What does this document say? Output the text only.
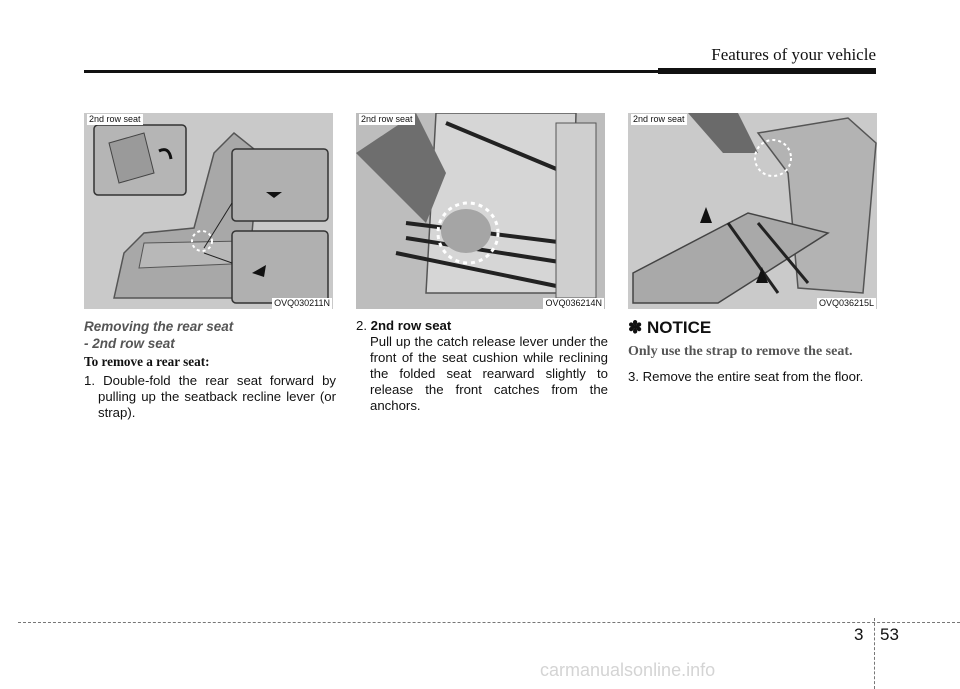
Features of your vehicle
2nd row seat
OVQ030211N
2nd row seat
OVQ036214N
2nd row seat
OVQ036215L
Removing the rear seat
- 2nd row seat
To remove a rear seat:
1. Double-fold the rear seat forward by pulling up the seatback recline lever (or strap).
2. 2nd row seat
Pull up the catch release lever under the front of the seat cushion while reclining the folded seat rearward slightly to release the front catches from the anchors.
✽ NOTICE
Only use the strap to remove the seat.
3. Remove the entire seat from the floor.
3 53
carmanualsonline.info
